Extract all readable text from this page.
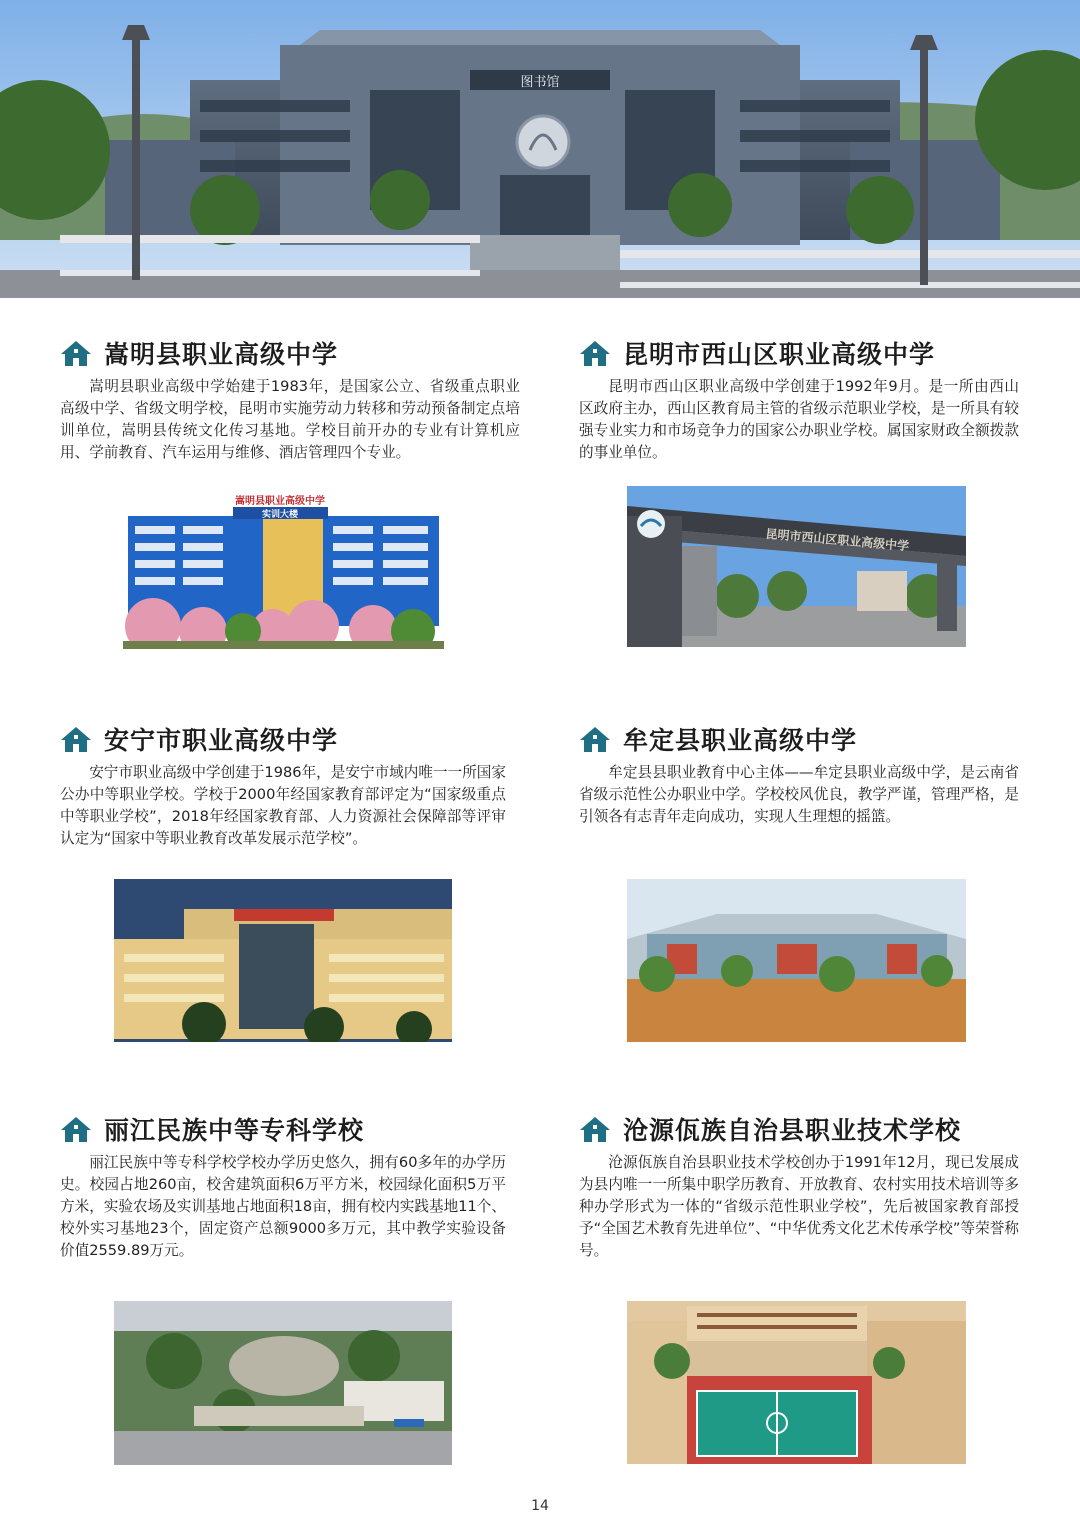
图书馆
嵩明县职业高级中学

嵩明县职业高级中学始建于1983年，是国家公立、省级重点职业高级中学、省级文明学校，昆明市实施劳动力转移和劳动预备制定点培训单位，嵩明县传统文化传习基地。学校目前开办的专业有计算机应用、学前教育、汽车运用与维修、酒店管理四个专业。

嵩明县职业高级中学
实训大楼
昆明市西山区职业高级中学

昆明市西山区职业高级中学创建于1992年9月。是一所由西山区政府主办，西山区教育局主管的省级示范职业学校，是一所具有较强专业实力和市场竞争力的国家公办职业学校。属国家财政全额拨款的事业单位。

昆明市西山区职业高级中学
安宁市职业高级中学

安宁市职业高级中学创建于1986年，是安宁市域内唯一一所国家公办中等职业学校。学校于2000年经国家教育部评定为“国家级重点中等职业学校”，2018年经国家教育部、人力资源社会保障部等评审认定为“国家中等职业教育改革发展示范学校”。

牟定县职业高级中学

牟定县县职业教育中心主体——牟定县职业高级中学，是云南省省级示范性公办职业中学。学校校风优良，教学严谨，管理严格，是引领各有志青年走向成功，实现人生理想的摇篮。

丽江民族中等专科学校

丽江民族中等专科学校学校办学历史悠久，拥有60多年的办学历史。校园占地260亩，校舍建筑面积6万平方米，校园绿化面积5万平方米，实验农场及实训基地占地面积18亩，拥有校内实践基地11个、校外实习基地23个，固定资产总额9000多万元，其中教学实验设备价值2559.89万元。

沧源佤族自治县职业技术学校

沧源佤族自治县职业技术学校创办于1991年12月，现已发展成为县内唯一一所集中职学历教育、开放教育、农村实用技术培训等多种办学形式为一体的“省级示范性职业学校”，先后被国家教育部授予“全国艺术教育先进单位”、“中华优秀文化艺术传承学校”等荣誉称号。

14
